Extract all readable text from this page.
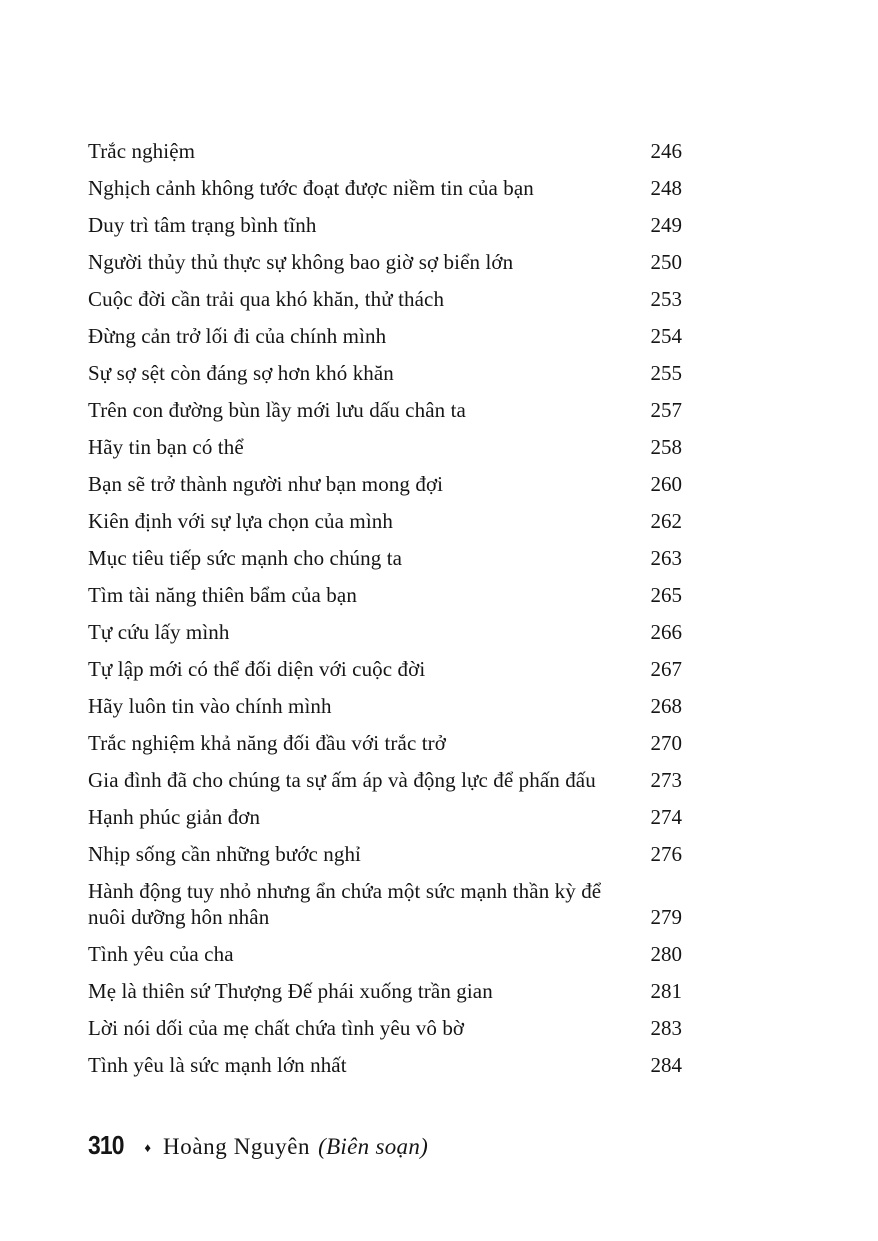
Trắc nghiệm	246
Nghịch cảnh không tước đoạt được niềm tin của bạn	248
Duy trì tâm trạng bình tĩnh	249
Người thủy thủ thực sự không bao giờ sợ biển lớn	250
Cuộc đời cần trải qua khó khăn, thử thách	253
Đừng cản trở lối đi của chính mình	254
Sự sợ sệt còn đáng sợ hơn khó khăn	255
Trên con đường bùn lầy mới lưu dấu chân ta	257
Hãy tin bạn có thể	258
Bạn sẽ trở thành người như bạn mong đợi	260
Kiên định với sự lựa chọn của mình	262
Mục tiêu tiếp sức mạnh cho chúng ta	263
Tìm tài năng thiên bẩm của bạn	265
Tự cứu lấy mình	266
Tự lập mới có thể đối diện với cuộc đời	267
Hãy luôn tin vào chính mình	268
Trắc nghiệm khả năng đối đầu với trắc trở	270
Gia đình đã cho chúng ta sự ấm áp và động lực để phấn đấu	273
Hạnh phúc giản đơn	274
Nhịp sống cần những bước nghỉ	276
Hành động tuy nhỏ nhưng ẩn chứa một sức mạnh thần kỳ để nuôi dưỡng hôn nhân	279
Tình yêu của cha	280
Mẹ là thiên sứ Thượng Đế phái xuống trần gian	281
Lời nói dối của mẹ chất chứa tình yêu vô bờ	283
Tình yêu là sức mạnh lớn nhất	284
310 ♦ Hoàng Nguyên (Biên soạn)
